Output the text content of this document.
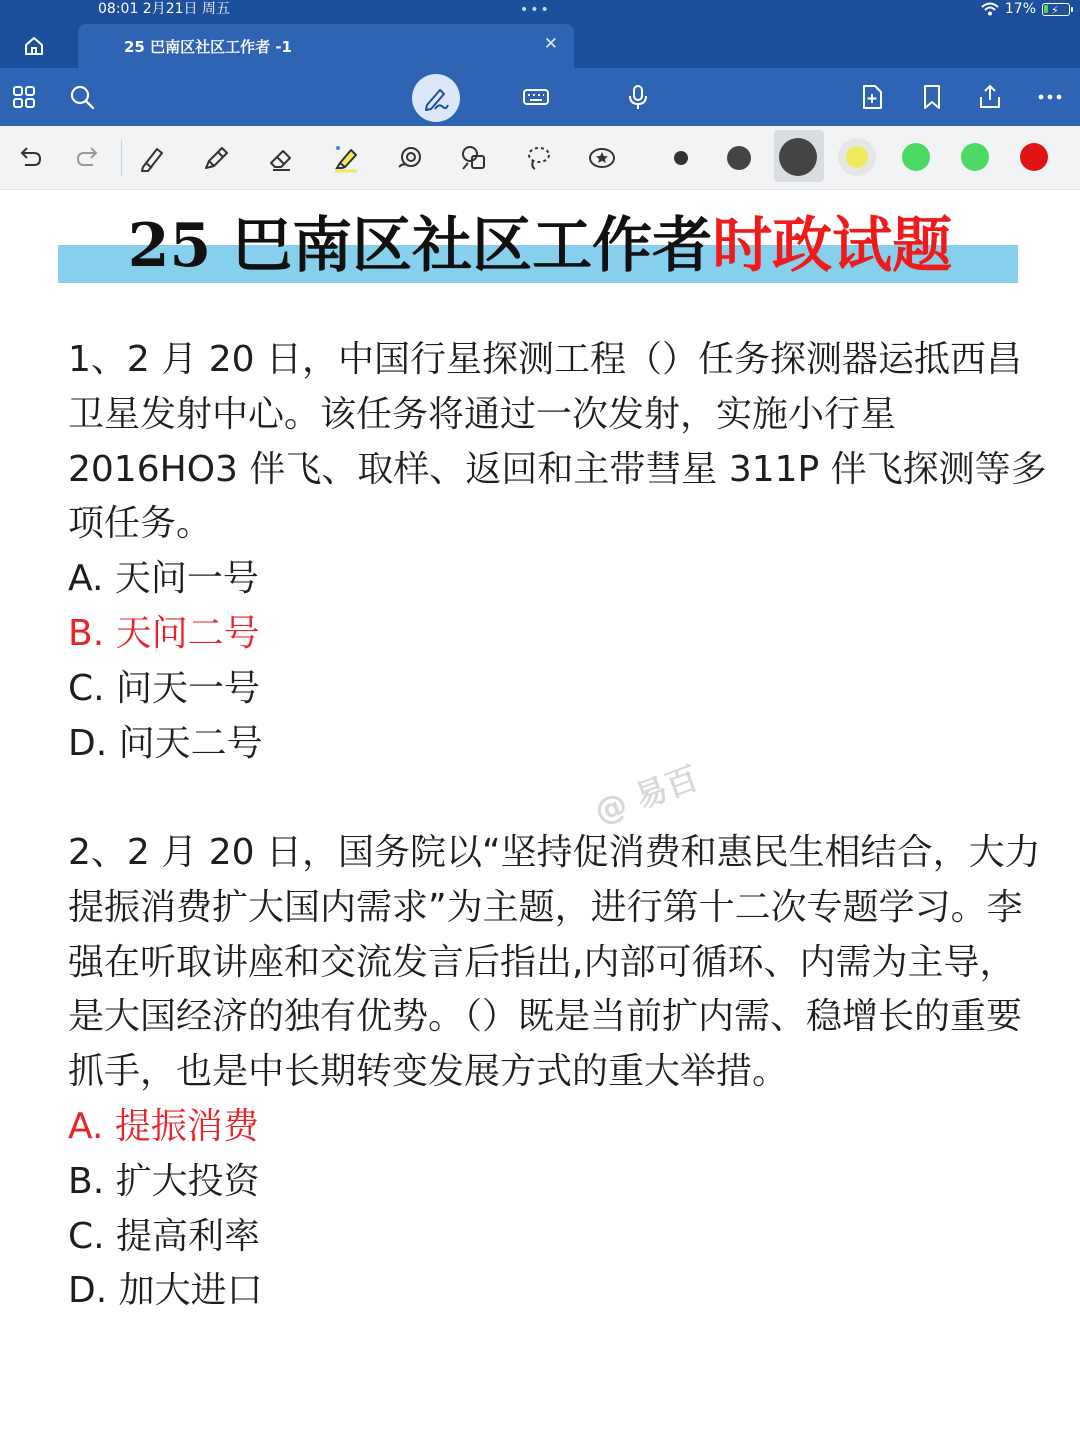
08:01 2月21日 周五	•••	17% ⚡
25 巴南区社区工作者 -1	✕
25 巴南区社区工作者时政试题
1、2 月 20 日，中国行星探测工程（）任务探测器运抵西昌卫星发射中心。该任务将通过一次发射，实施小行星 2016HO3 伴飞、取样、返回和主带彗星 311P 伴飞探测等多项任务。
A. 天问一号
B. 天问二号
C. 问天一号
D. 问天二号
@ 易百
2、2 月 20 日，国务院以“坚持促消费和惠民生相结合，大力提振消费扩大国内需求”为主题，进行第十二次专题学习。李强在听取讲座和交流发言后指出,内部可循环、内需为主导，是大国经济的独有优势。（）既是当前扩内需、稳增长的重要抓手，也是中长期转变发展方式的重大举措。
A. 提振消费
B. 扩大投资
C. 提高利率
D. 加大进口
